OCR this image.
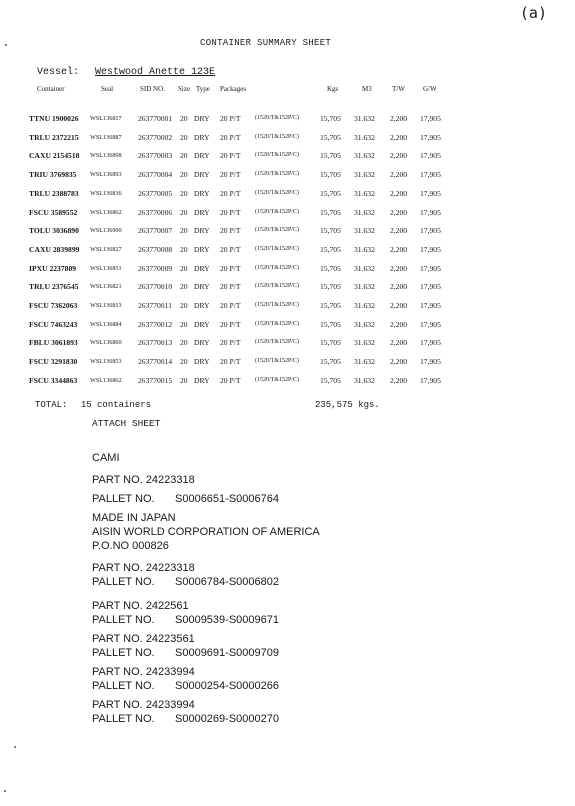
(a)
CONTAINER SUMMARY SHEET
Vessel: Westwood Anette 123E
Container	Seal	SID NO. Size Type Packages	Kgs	M3	T/W	G/W
TTNU 1900026 WSL136817 263770001 20 DRY 20 P/T (1520/T&152P/C)	15,705 31.632 2,200 17,905
TRLU 2372215 WSL136887 263770002 20 DRY 20 P/T (1520/T&152P/C)	15,705 31.632 2,200 17,905
CAXU 2154518 WSL136898 263770003 20 DRY 20 P/T (1520/T&152P/C)	15,705 31.632 2,200 17,905
TRIU 3769835 WSL136893 263770004 20 DRY 20 P/T (1520/T&152P/C)	15,705 31.632 2,200 17,905
TRLU 2388783 WSL136836 263770005 20 DRY 20 P/T (1520/T&152P/C)	15,705 31.632 2,200 17,905
FSCU 3589552 WSL136862 263770006 20 DRY 20 P/T (1520/T&152P/C)	15,705 31.632 2,200 17,905
TOLU 3036890 WSL136900 263770007 20 DRY 20 P/T (1520/T&152P/C)	15,705 31.632 2,200 17,905
CAXU 2839899 WSL136827 263770008 20 DRY 20 P/T (1520/T&152P/C)	15,705 31.632 2,200 17,905
IPXU 2237809 WSL136851 263770009 20 DRY 20 P/T (1520/T&152P/C)	15,705 31.632 2,200 17,905
TRLU 2376545 WSL136821 263770010 20 DRY 20 P/T (1520/T&152P/C)	15,705 31.632 2,200 17,905
FSCU 7362063 WSL136813 263770011 20 DRY 20 P/T (1520/T&152P/C)	15,705 31.632 2,200 17,905
FSCU 7463243 WSL136884 263770012 20 DRY 20 P/T (1520/T&152P/C)	15,705 31.632 2,200 17,905
FBLU 3061893 WSL136860 263770013 20 DRY 20 P/T (1520/T&152P/C)	15,705 31.632 2,200 17,905
FSCU 3291830 WSL136853 263770014 20 DRY 20 P/T (1520/T&152P/C)	15,705 31.632 2,200 17,905
FSCU 3344863 WSL136862 263770015 20 DRY 20 P/T (1520/T&152P/C)	15,705 31.632 2,200 17,905
TOTAL: 15 containers	235,575 kgs.
ATTACH SHEET
CAMI
PART NO. 24223318
PALLET NO. S0006651-S0006764
MADE IN JAPAN
AISIN WORLD CORPORATION OF AMERICA
P.O.NO 000826
PART NO. 24223318
PALLET NO. S0006784-S0006802
PART NO. 2422561
PALLET NO. S0009539-S0009671
PART NO. 24223561
PALLET NO. S0009691-S0009709
PART NO. 24233994
PALLET NO. S0000254-S0000266
PART NO. 24233994
PALLET NO. S0000269-S0000270
